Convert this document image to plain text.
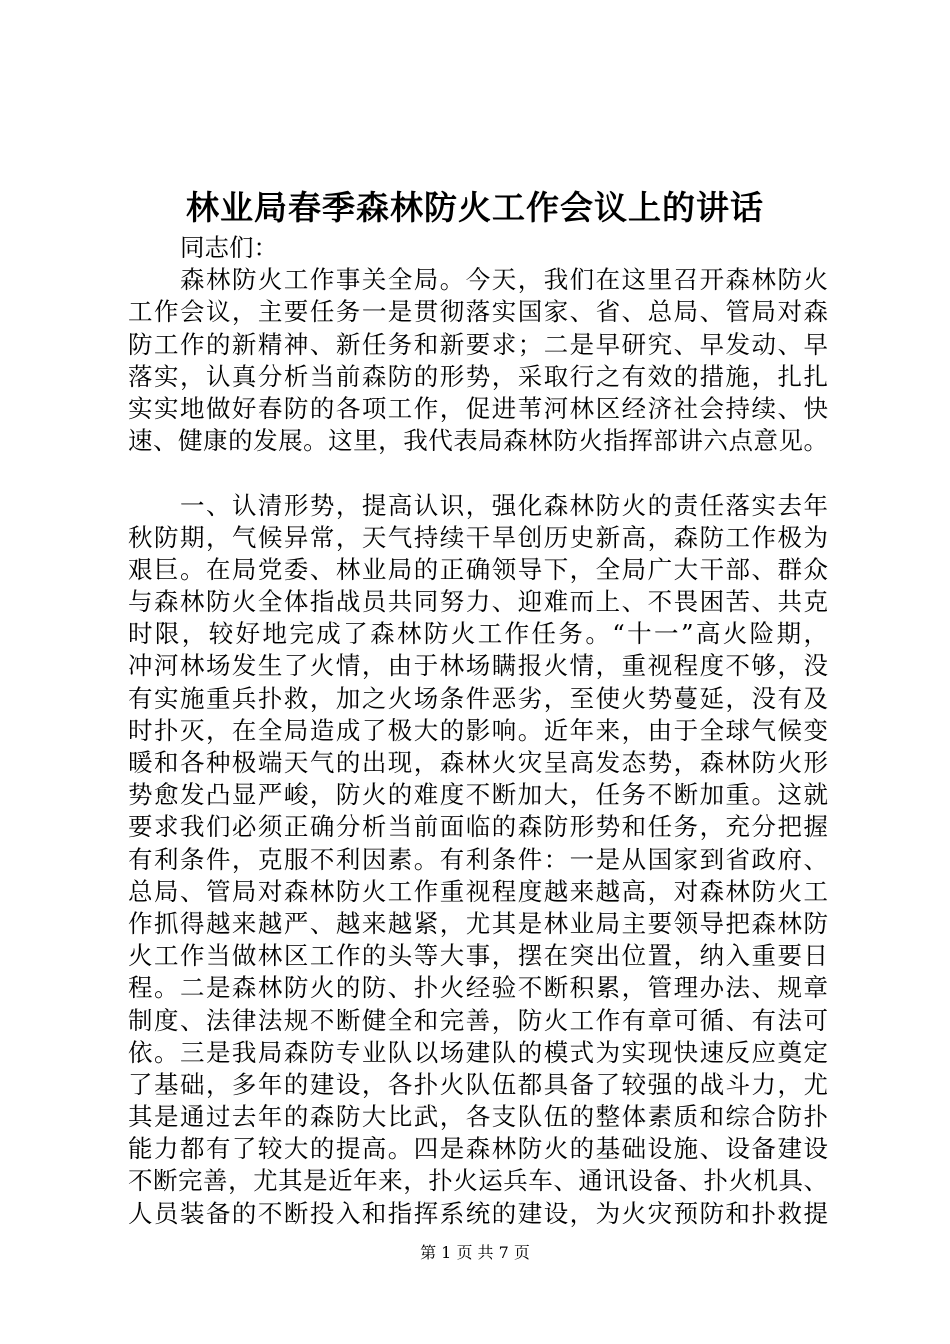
林业局春季森林防火工作会议上的讲话
同志们：
森林防火工作事关全局。今天，我们在这里召开森林防火
工作会议，主要任务一是贯彻落实国家、省、总局、管局对森
防工作的新精神、新任务和新要求；二是早研究、早发动、早
落实，认真分析当前森防的形势，采取行之有效的措施，扎扎
实实地做好春防的各项工作，促进苇河林区经济社会持续、快
速、健康的发展。这里，我代表局森林防火指挥部讲六点意见。
一、认清形势，提高认识，强化森林防火的责任落实去年
秋防期，气候异常，天气持续干旱创历史新高，森防工作极为
艰巨。在局党委、林业局的正确领导下，全局广大干部、群众
与森林防火全体指战员共同努力、迎难而上、不畏困苦、共克
时限，较好地完成了森林防火工作任务。“十一”高火险期，
冲河林场发生了火情，由于林场瞒报火情，重视程度不够，没
有实施重兵扑救，加之火场条件恶劣，至使火势蔓延，没有及
时扑灭，在全局造成了极大的影响。近年来，由于全球气候变
暖和各种极端天气的出现，森林火灾呈高发态势，森林防火形
势愈发凸显严峻，防火的难度不断加大，任务不断加重。这就
要求我们必须正确分析当前面临的森防形势和任务，充分把握
有利条件，克服不利因素。有利条件：一是从国家到省政府、
总局、管局对森林防火工作重视程度越来越高，对森林防火工
作抓得越来越严、越来越紧，尤其是林业局主要领导把森林防
火工作当做林区工作的头等大事，摆在突出位置，纳入重要日
程。二是森林防火的防、扑火经验不断积累，管理办法、规章
制度、法律法规不断健全和完善，防火工作有章可循、有法可
依。三是我局森防专业队以场建队的模式为实现快速反应奠定
了基础，多年的建设，各扑火队伍都具备了较强的战斗力，尤
其是通过去年的森防大比武，各支队伍的整体素质和综合防扑
能力都有了较大的提高。四是森林防火的基础设施、设备建设
不断完善，尤其是近年来，扑火运兵车、通讯设备、扑火机具、
人员装备的不断投入和指挥系统的建设，为火灾预防和扑救提
第 1 页 共 7 页
